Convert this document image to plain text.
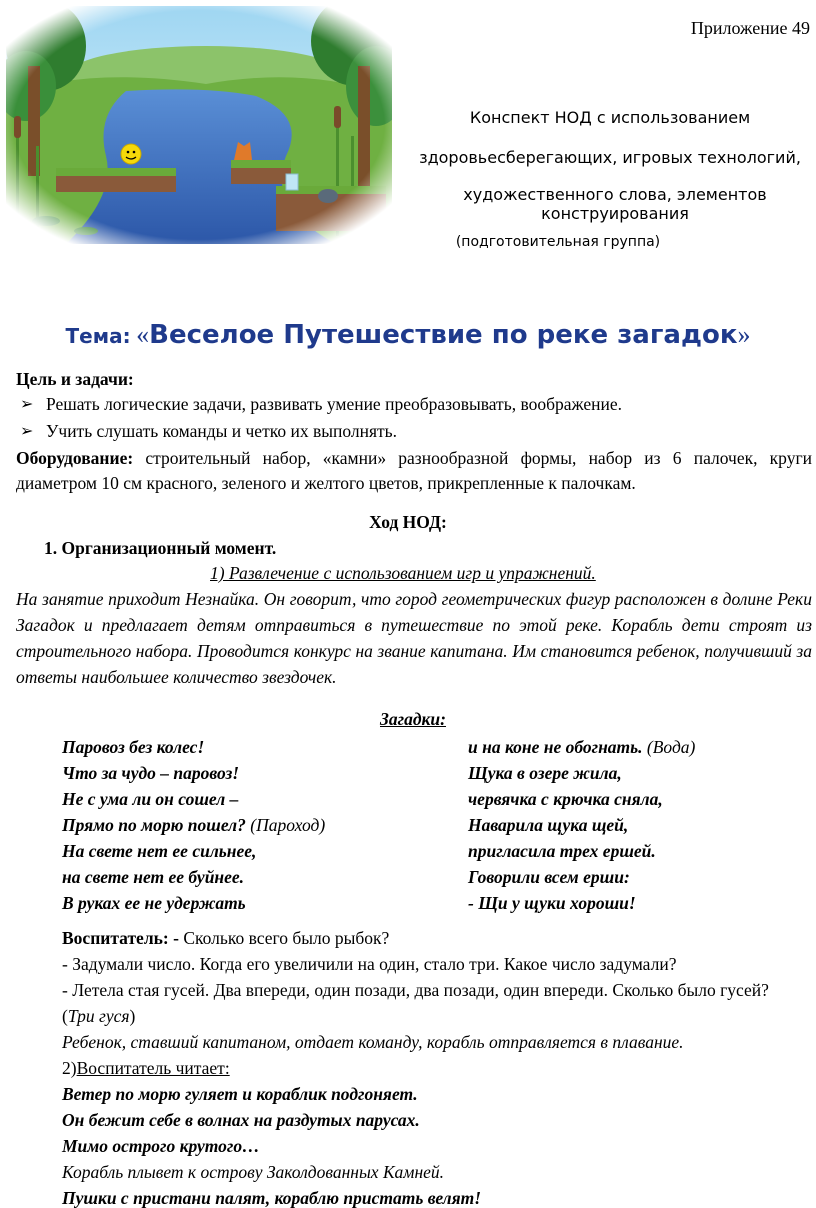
Приложение 49
Конспект НОД с использованием
здоровьесберегающих, игровых технологий,
художественного слова, элементов конструирования
(подготовительная группа)
Тема: «Веселое Путешествие по реке загадок»
Цель и задачи:
➢ Решать логические задачи, развивать умение преобразовывать, воображение.
➢ Учить слушать команды и четко их выполнять.
Оборудование: строительный набор, «камни» разнообразной формы, набор из 6 палочек, круги диаметром 10 см красного, зеленого и желтого цветов, прикрепленные к палочкам.
Ход НОД:
1. Организационный момент.
1) Развлечение с использованием игр и упражнений.
На занятие приходит Незнайка. Он говорит, что город геометрических фигур расположен в долине Реки Загадок и предлагает детям отправиться в путешествие по этой реке. Корабль дети строят из строительного набора. Проводится конкурс на звание капитана. Им становится ребенок, получивший за ответы наибольшее количество звездочек.
Загадки:
Паровоз без колес!
Что за чудо – паровоз!
Не с ума ли он сошел –
Прямо по морю пошел? (Пароход)
На свете нет ее сильнее,
на свете нет ее буйнее.
В руках ее не удержать
и на коне не обогнать. (Вода)
Щука в озере жила,
червячка с крючка сняла,
Наварила щука щей,
пригласила трех ершей.
Говорили всем ерши:
- Щи у щуки хороши!
Воспитатель: - Сколько всего было рыбок?
- Задумали число. Когда его увеличили на один, стало три. Какое число задумали?
- Летела стая гусей. Два впереди, один позади, два позади, один впереди. Сколько было гусей? (Три гуся)
Ребенок, ставший капитаном, отдает команду, корабль отправляется в плавание.
2)Воспитатель читает:
Ветер по морю гуляет и кораблик подгоняет.
Он бежит себе в волнах на раздутых парусах.
Мимо острого крутого…
Корабль плывет к острову Заколдованных Камней.
Пушки с пристани палят, кораблю пристать велят!
